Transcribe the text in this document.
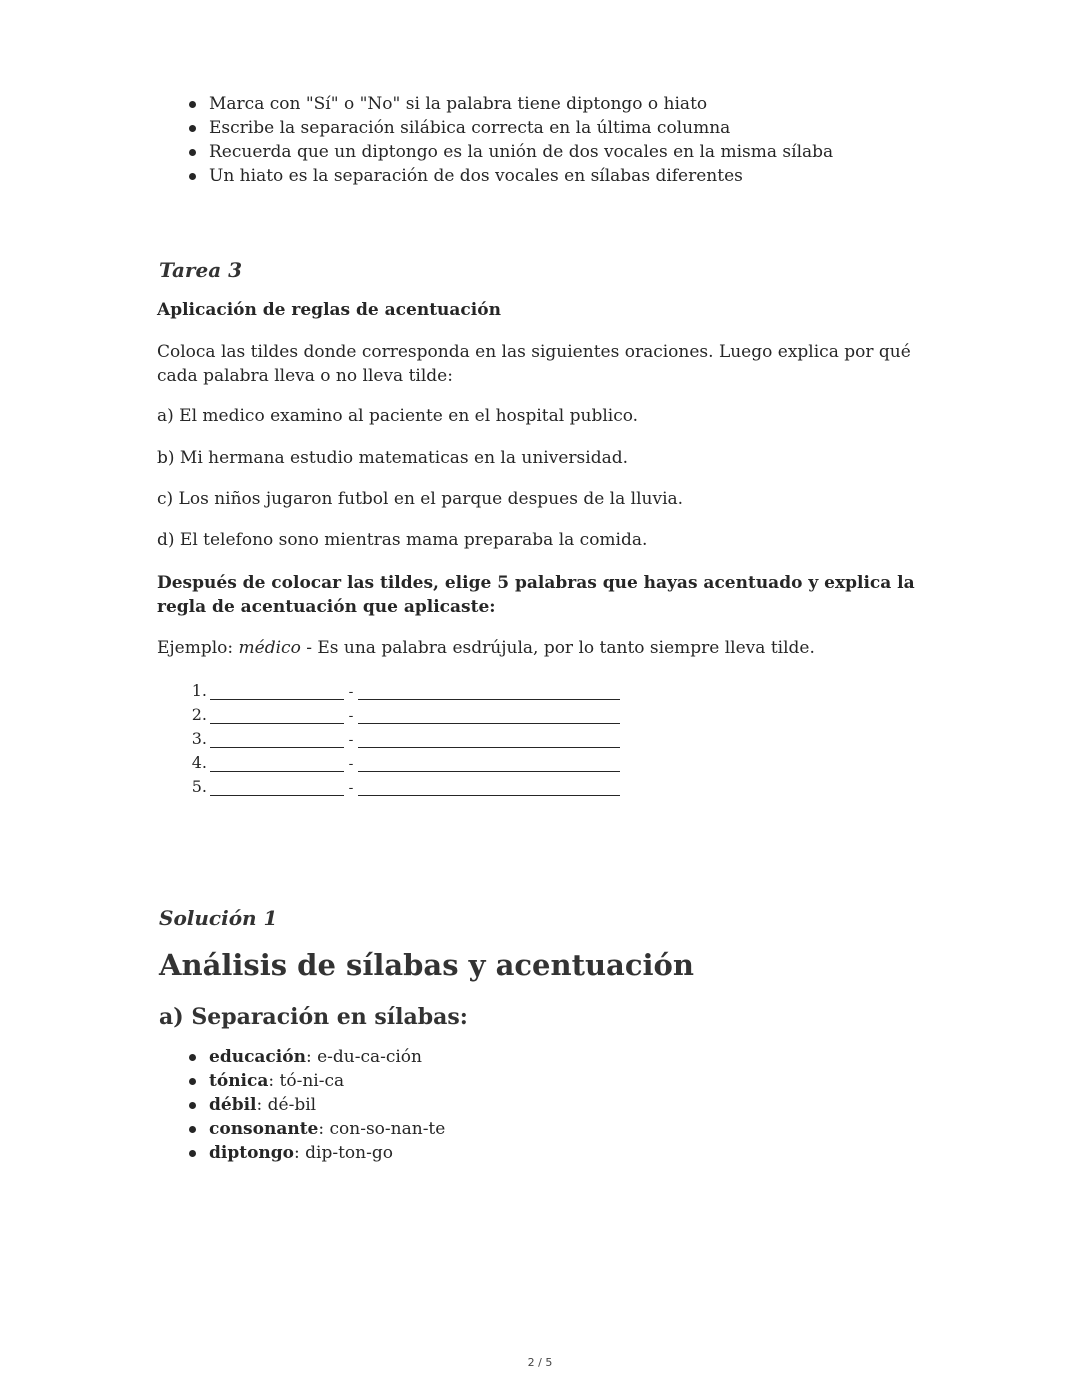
Marca con "Sí" o "No" si la palabra tiene diptongo o hiato
Escribe la separación silábica correcta en la última columna
Recuerda que un diptongo es la unión de dos vocales en la misma sílaba
Un hiato es la separación de dos vocales en sílabas diferentes
Tarea 3
Aplicación de reglas de acentuación
Coloca las tildes donde corresponda en las siguientes oraciones. Luego explica por qué cada palabra lleva o no lleva tilde:
a) El medico examino al paciente en el hospital publico.
b) Mi hermana estudio matematicas en la universidad.
c) Los niños jugaron futbol en el parque despues de la lluvia.
d) El telefono sono mientras mama preparaba la comida.
Después de colocar las tildes, elige 5 palabras que hayas acentuado y explica la regla de acentuación que aplicaste:
Ejemplo: médico - Es una palabra esdrújula, por lo tanto siempre lleva tilde.
1.	-
2.	-
3.	-
4.	-
5.	-
Solución 1
Análisis de sílabas y acentuación
a) Separación en sílabas:
educación: e-du-ca-ción
tónica: tó-ni-ca
débil: dé-bil
consonante: con-so-nan-te
diptongo: dip-ton-go
2 / 5
